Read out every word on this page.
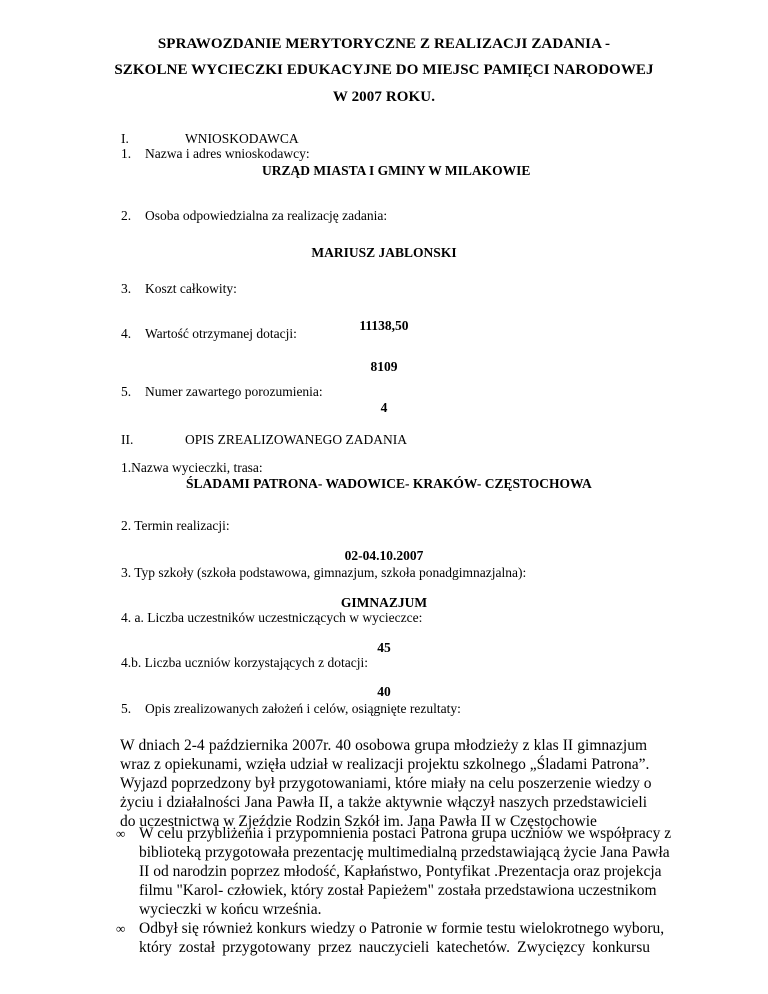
SPRAWOZDANIE MERYTORYCZNE Z REALIZACJI ZADANIA -
SZKOLNE WYCIECZKI EDUKACYJNE DO MIEJSC PAMIĘCI NARODOWEJ
W 2007 ROKU.
I.	WNIOSKODAWCA
1. Nazwa i adres wnioskodawcy:
URZĄD MIASTA I GMINY W MILAKOWIE
2. Osoba odpowiedzialna za realizację zadania:
MARIUSZ JABLONSKI
3. Koszt całkowity:
11138,50
4. Wartość otrzymanej dotacji:
8109
5. Numer zawartego porozumienia:
4
II.	OPIS ZREALIZOWANEGO ZADANIA
1.Nazwa wycieczki, trasa:
ŚLADAMI PATRONA- WADOWICE- KRAKÓW- CZĘSTOCHOWA
2. Termin realizacji:
02-04.10.2007
3. Typ szkoły (szkoła podstawowa, gimnazjum, szkoła ponadgimnazjalna):
GIMNAZJUM
4. a. Liczba uczestników uczestniczących w wycieczce:
45
4.b. Liczba uczniów korzystających z dotacji:
40
5. Opis zrealizowanych założeń i celów, osiągnięte rezultaty:
W dniach 2-4 października 2007r. 40 osobowa grupa młodzieży z klas II gimnazjum
wraz z opiekunami, wzięła udział w realizacji projektu szkolnego „Śladami Patrona”.
Wyjazd poprzedzony był przygotowaniami, które miały na celu poszerzenie wiedzy o
życiu i działalności Jana Pawła II, a także aktywnie włączył naszych przedstawicieli
do uczestnictwa w Zjeździe Rodzin Szkół im. Jana Pawła II w Częstochowie
∞ W celu przybliżenia i przypomnienia postaci Patrona grupa uczniów we współpracy z
biblioteką przygotowała prezentację multimedialną przedstawiającą życie Jana Pawła
II od narodzin poprzez młodość, Kapłaństwo, Pontyfikat .Prezentacja oraz projekcja
filmu "Karol- człowiek, który został Papieżem" została przedstawiona uczestnikom
wycieczki w końcu września.
∞ Odbył się również konkurs wiedzy o Patronie w formie testu wielokrotnego wyboru,
który został przygotowany przez nauczycieli katechetów. Zwycięzcy konkursu
